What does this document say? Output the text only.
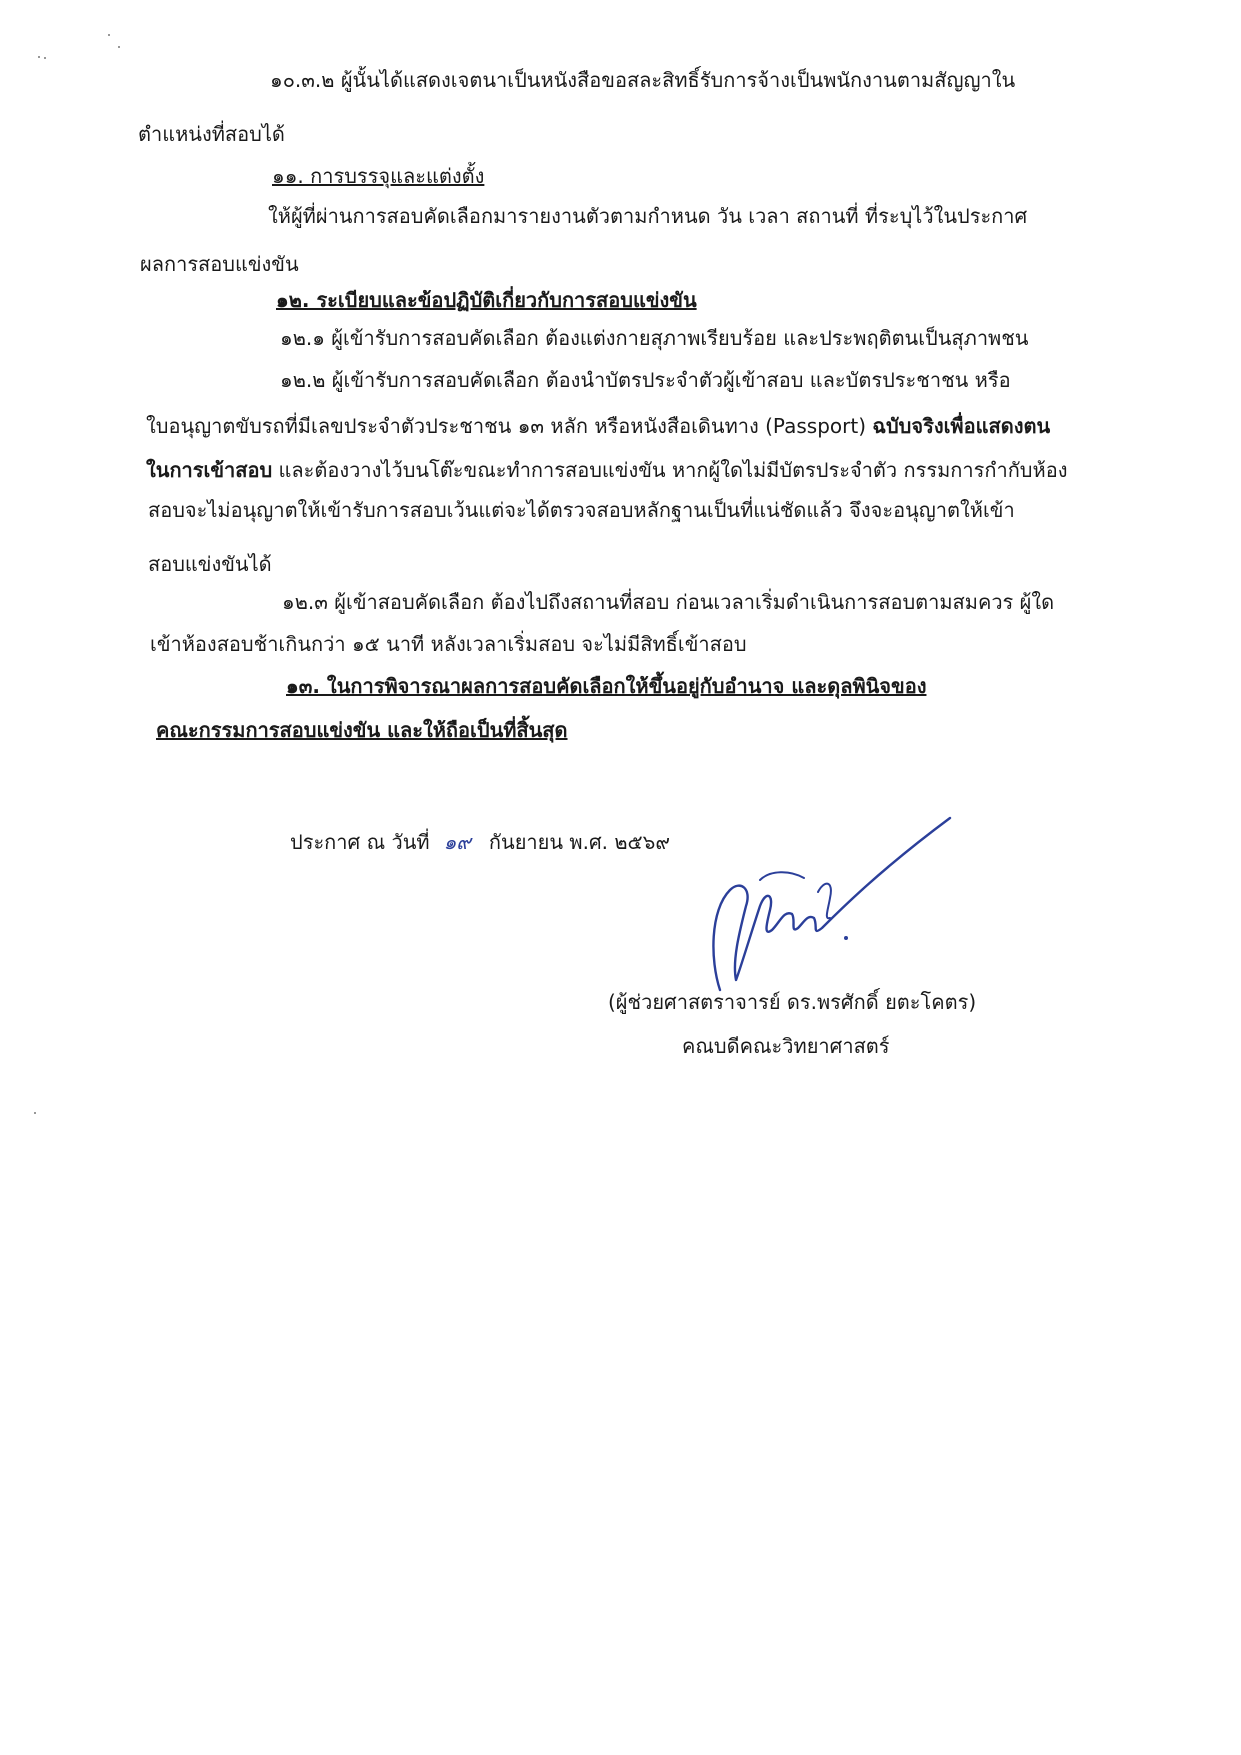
๑๐.๓.๒ ผู้นั้นได้แสดงเจตนาเป็นหนังสือขอสละสิทธิ์รับการจ้างเป็นพนักงานตามสัญญาใน
ตำแหน่งที่สอบได้
๑๑. การบรรจุและแต่งตั้ง
ให้ผู้ที่ผ่านการสอบคัดเลือกมารายงานตัวตามกำหนด วัน เวลา สถานที่ ที่ระบุไว้ในประกาศ
ผลการสอบแข่งขัน
๑๒. ระเบียบและข้อปฏิบัติเกี่ยวกับการสอบแข่งขัน
๑๒.๑ ผู้เข้ารับการสอบคัดเลือก ต้องแต่งกายสุภาพเรียบร้อย และประพฤติตนเป็นสุภาพชน
๑๒.๒ ผู้เข้ารับการสอบคัดเลือก ต้องนำบัตรประจำตัวผู้เข้าสอบ และบัตรประชาชน หรือ
ใบอนุญาตขับรถที่มีเลขประจำตัวประชาชน ๑๓ หลัก หรือหนังสือเดินทาง (Passport) ฉบับจริงเพื่อแสดงตน
ในการเข้าสอบ และต้องวางไว้บนโต๊ะขณะทำการสอบแข่งขัน หากผู้ใดไม่มีบัตรประจำตัว กรรมการกำกับห้อง
สอบจะไม่อนุญาตให้เข้ารับการสอบเว้นแต่จะได้ตรวจสอบหลักฐานเป็นที่แน่ชัดแล้ว จึงจะอนุญาตให้เข้า
สอบแข่งขันได้
๑๒.๓ ผู้เข้าสอบคัดเลือก ต้องไปถึงสถานที่สอบ ก่อนเวลาเริ่มดำเนินการสอบตามสมควร ผู้ใด
เข้าห้องสอบช้าเกินกว่า ๑๕ นาที หลังเวลาเริ่มสอบ จะไม่มีสิทธิ์เข้าสอบ
๑๓. ในการพิจารณาผลการสอบคัดเลือกให้ขึ้นอยู่กับอำนาจ และดุลพินิจของ
คณะกรรมการสอบแข่งขัน และให้ถือเป็นที่สิ้นสุด
ประกาศ ณ วันที่ ๑๙ กันยายน พ.ศ. ๒๕๖๙
(ผู้ช่วยศาสตราจารย์ ดร.พรศักดิ์ ยตะโคตร)
คณบดีคณะวิทยาศาสตร์
